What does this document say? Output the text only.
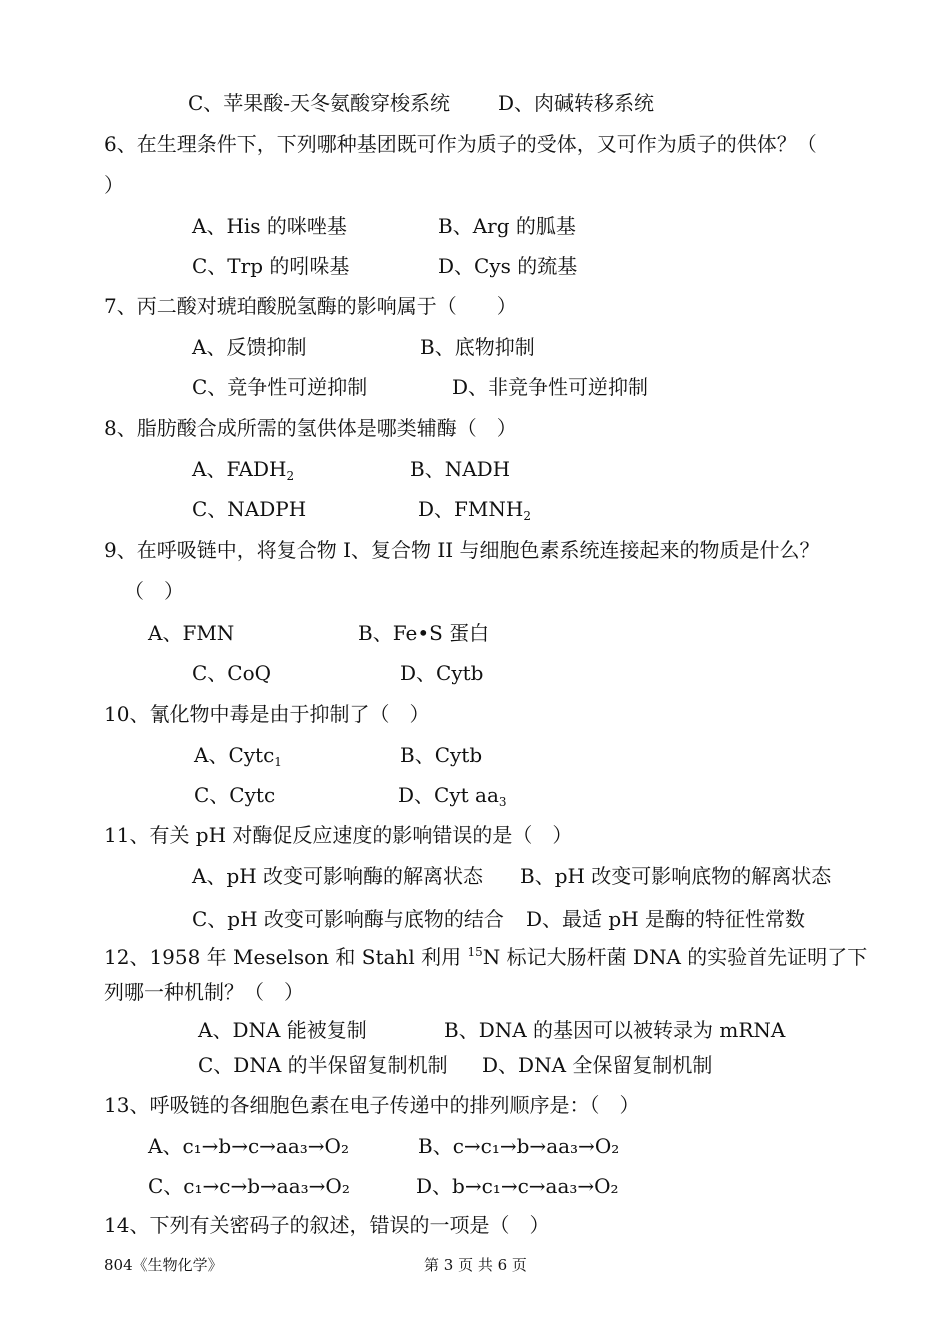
C、苹果酸-天冬氨酸穿梭系统 D、肉碱转移系统
6、在生理条件下，下列哪种基团既可作为质子的受体，又可作为质子的供体？（
）
A、His 的咪唑基	B、Arg 的胍基
C、Trp 的吲哚基	D、Cys 的巯基
7、丙二酸对琥珀酸脱氢酶的影响属于（　　）
A、反馈抑制	B、底物抑制
C、竞争性可逆抑制	D、非竞争性可逆抑制
8、脂肪酸合成所需的氢供体是哪类辅酶（　）
A、$FADH_2$	B、NADH
C、NADPH	D、$FMNH_2$
9、在呼吸链中，将复合物 I、复合物 II 与细胞色素系统连接起来的物质是什么？
（　）
A、FMN	B、Fe•S 蛋白
C、CoQ	D、Cytb
10、氰化物中毒是由于抑制了（　）
A、Cytc$_1$	B、Cytb
C、Cytc	D、Cyt $aa_3$
11、有关 pH 对酶促反应速度的影响错误的是（　）
A、pH 改变可影响酶的解离状态 B、pH 改变可影响底物的解离状态
C、pH 改变可影响酶与底物的结合 D、最适 pH 是酶的特征性常数
12、1958 年 Meselson 和 Stahl 利用 $^{15}$N 标记大肠杆菌 DNA 的实验首先证明了下
列哪一种机制？（　）
A、DNA 能被复制	B、DNA 的基因可以被转录为 mRNA
C、DNA 的半保留复制机制 D、DNA 全保留复制机制
13、呼吸链的各细胞色素在电子传递中的排列顺序是：（　）
A、c₁→b→c→aa₃→O₂	B、c→c₁→b→aa₃→O₂
C、c₁→c→b→aa₃→O₂	D、b→c₁→c→aa₃→O₂
14、下列有关密码子的叙述，错误的一项是（　）
804《生物化学》	第 3 页 共 6 页
